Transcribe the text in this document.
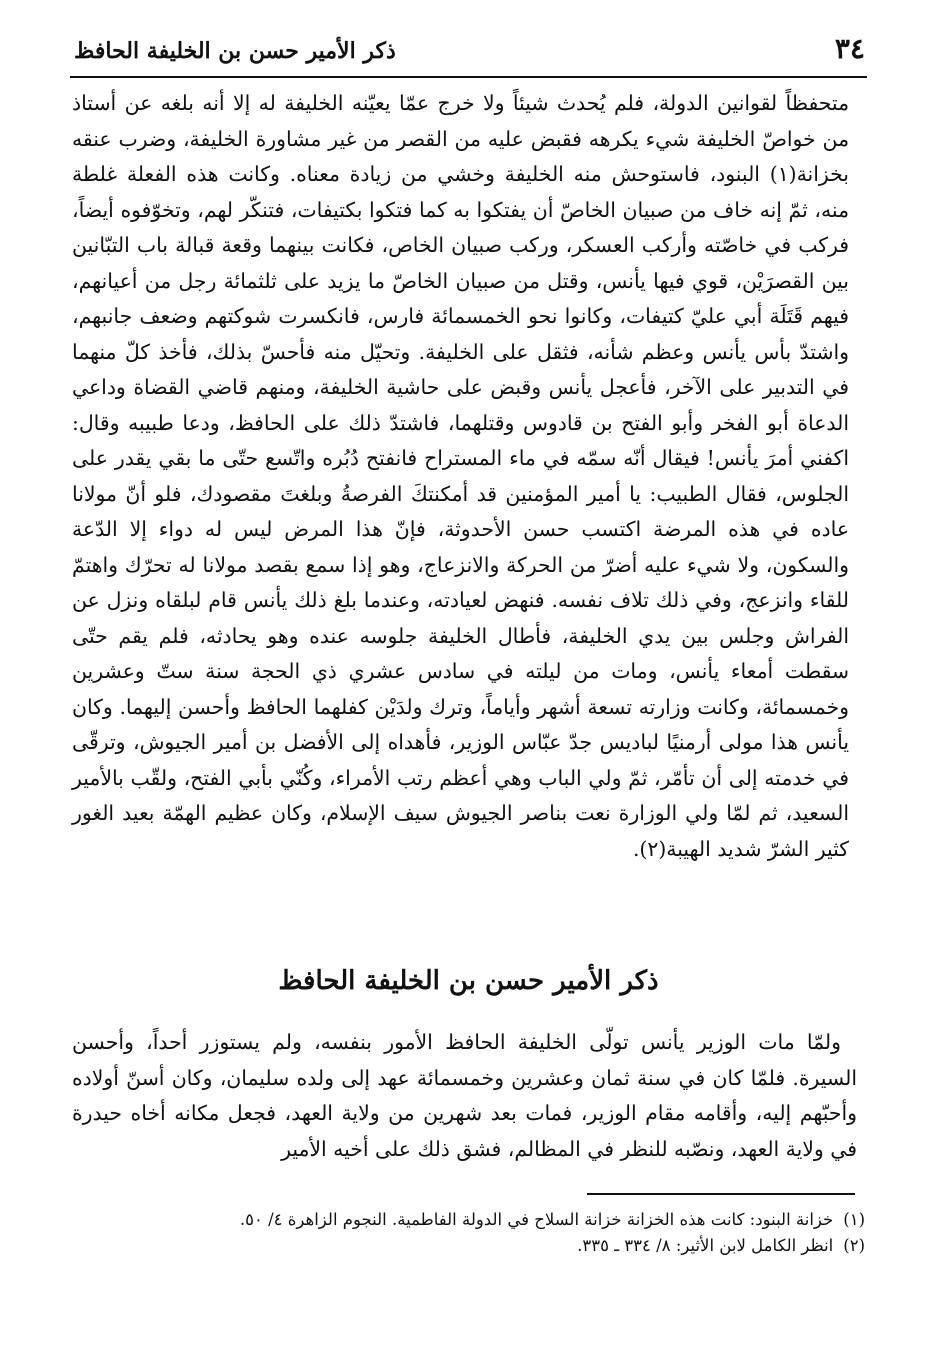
٣٤
ذكر الأمير حسن بن الخليفة الحافظ

متحفظاً لقوانين الدولة، فلم يُحدث شيئاً ولا خرج عمّا يعيّنه الخليفة له إلا أنه بلغه عن أستاذ من خواصّ الخليفة شيء يكرهه فقبض عليه من القصر من غير مشاورة الخليفة، وضرب عنقه بخزانة(١) البنود، فاستوحش منه الخليفة وخشي من زيادة معناه. وكانت هذه الفعلة غلطة منه، ثمّ إنه خاف من صبيان الخاصّ أن يفتكوا به كما فتكوا بكتيفات، فتنكّر لهم، وتخوّفوه أيضاً، فركب في خاصّته وأركب العسكر، وركب صبيان الخاص، فكانت بينهما وقعة قبالة باب التبّانين بين القصرَيْن، قوي فيها يأنس، وقتل من صبيان الخاصّ ما يزيد على ثلثمائة رجل من أعيانهم، فيهم قَتَلَة أبي عليّ كتيفات، وكانوا نحو الخمسمائة فارس، فانكسرت شوكتهم وضعف جانبهم، واشتدّ بأس يأنس وعظم شأنه، فثقل على الخليفة. وتحيّل منه فأحسّ بذلك، فأخذ كلّ منهما في التدبير على الآخر، فأعجل يأنس وقبض على حاشية الخليفة، ومنهم قاضي القضاة وداعي الدعاة أبو الفخر وأبو الفتح بن قادوس وقتلهما، فاشتدّ ذلك على الحافظ، ودعا طبيبه وقال: اكفني أمرَ يأنس! فيقال أنّه سمّه في ماء المستراح فانفتح دُبُره واتّسع حتّى ما بقي يقدر على الجلوس، فقال الطبيب: يا أمير المؤمنين قد أمكنتكَ الفرصةُ وبلغتَ مقصودك، فلو أنّ مولانا عاده في هذه المرضة اكتسب حسن الأحدوثة، فإنّ هذا المرض ليس له دواء إلا الدّعة والسكون، ولا شيء عليه أضرّ من الحركة والانزعاج، وهو إذا سمع بقصد مولانا له تحرّك واهتمّ للقاء وانزعج، وفي ذلك تلاف نفسه. فنهض لعيادته، وعندما بلغ ذلك يأنس قام لبلقاه ونزل عن الفراش وجلس بين يدي الخليفة، فأطال الخليفة جلوسه عنده وهو يحادثه، فلم يقم حتّى سقطت أمعاء يأنس، ومات من ليلته في سادس عشري ذي الحجة سنة ستّ وعشرين وخمسمائة، وكانت وزارته تسعة أشهر وأياماً، وترك ولدَيْن كفلهما الحافظ وأحسن إليهما. وكان يأنس هذا مولى أرمنيًا لباديس جدّ عبّاس الوزير، فأهداه إلى الأفضل بن أمير الجيوش، وترقّى في خدمته إلى أن تأمّر، ثمّ ولي الباب وهي أعظم رتب الأمراء، وكُنّي بأبي الفتح، ولقّب بالأمير السعيد، ثم لمّا ولي الوزارة نعت بناصر الجيوش سيف الإسلام، وكان عظيم الهمّة بعيد الغور كثير الشرّ شديد الهيبة(٢).

ذكر الأمير حسن بن الخليفة الحافظ

ولمّا مات الوزير يأنس تولّى الخليفة الحافظ الأمور بنفسه، ولم يستوزر أحداً، وأحسن السيرة. فلمّا كان في سنة ثمان وعشرين وخمسمائة عهد إلى ولده سليمان، وكان أسنّ أولاده وأحبّهم إليه، وأقامه مقام الوزير، فمات بعد شهرين من ولاية العهد، فجعل مكانه أخاه حيدرة في ولاية العهد، ونصّبه للنظر في المظالم، فشق ذلك على أخيه الأمير

(١)خزانة البنود: كانت هذه الخزانة خزانة السلاح في الدولة الفاطمية. النجوم الزاهرة ٤/ ٥٠.

(٢)انظر الكامل لابن الأثير: ٨/ ٣٣٤ ـ ٣٣٥.
